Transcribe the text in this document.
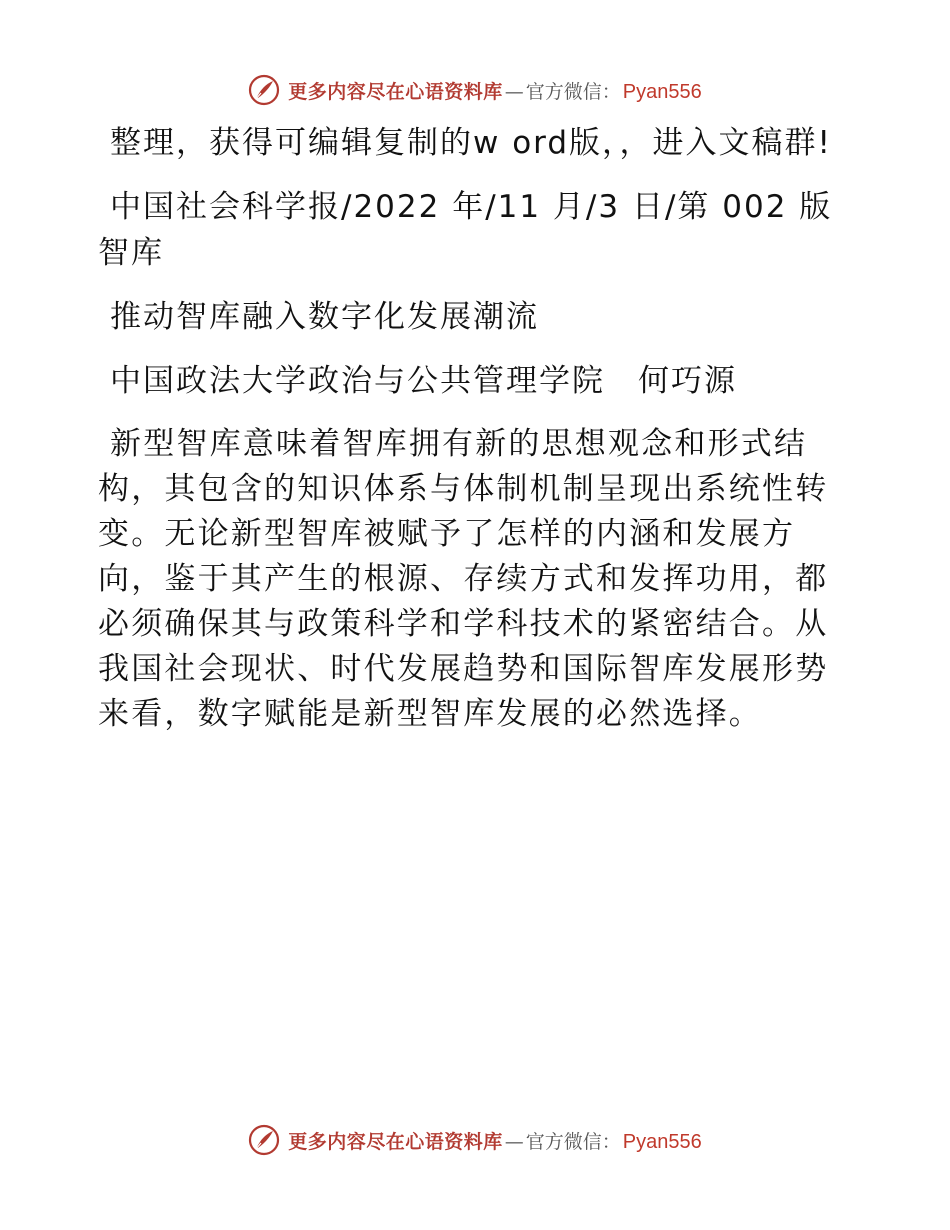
更多内容尽在心语资料库 — 官方微信： Pyan556

整理，获得可编辑复制的w ord版，，进入文稿群!

中国社会科学报/2022 年/11 月/3 日/第 002 版智库

推动智库融入数字化发展潮流

中国政法大学政治与公共管理学院　何巧源

新型智库意味着智库拥有新的思想观念和形式结构，其包含的知识体系与体制机制呈现出系统性转变。无论新型智库被赋予了怎样的内涵和发展方向，鉴于其产生的根源、存续方式和发挥功用，都必须确保其与政策科学和学科技术的紧密结合。从我国社会现状、时代发展趋势和国际智库发展形势来看，数字赋能是新型智库发展的必然选择。

更多内容尽在心语资料库 — 官方微信： Pyan556
